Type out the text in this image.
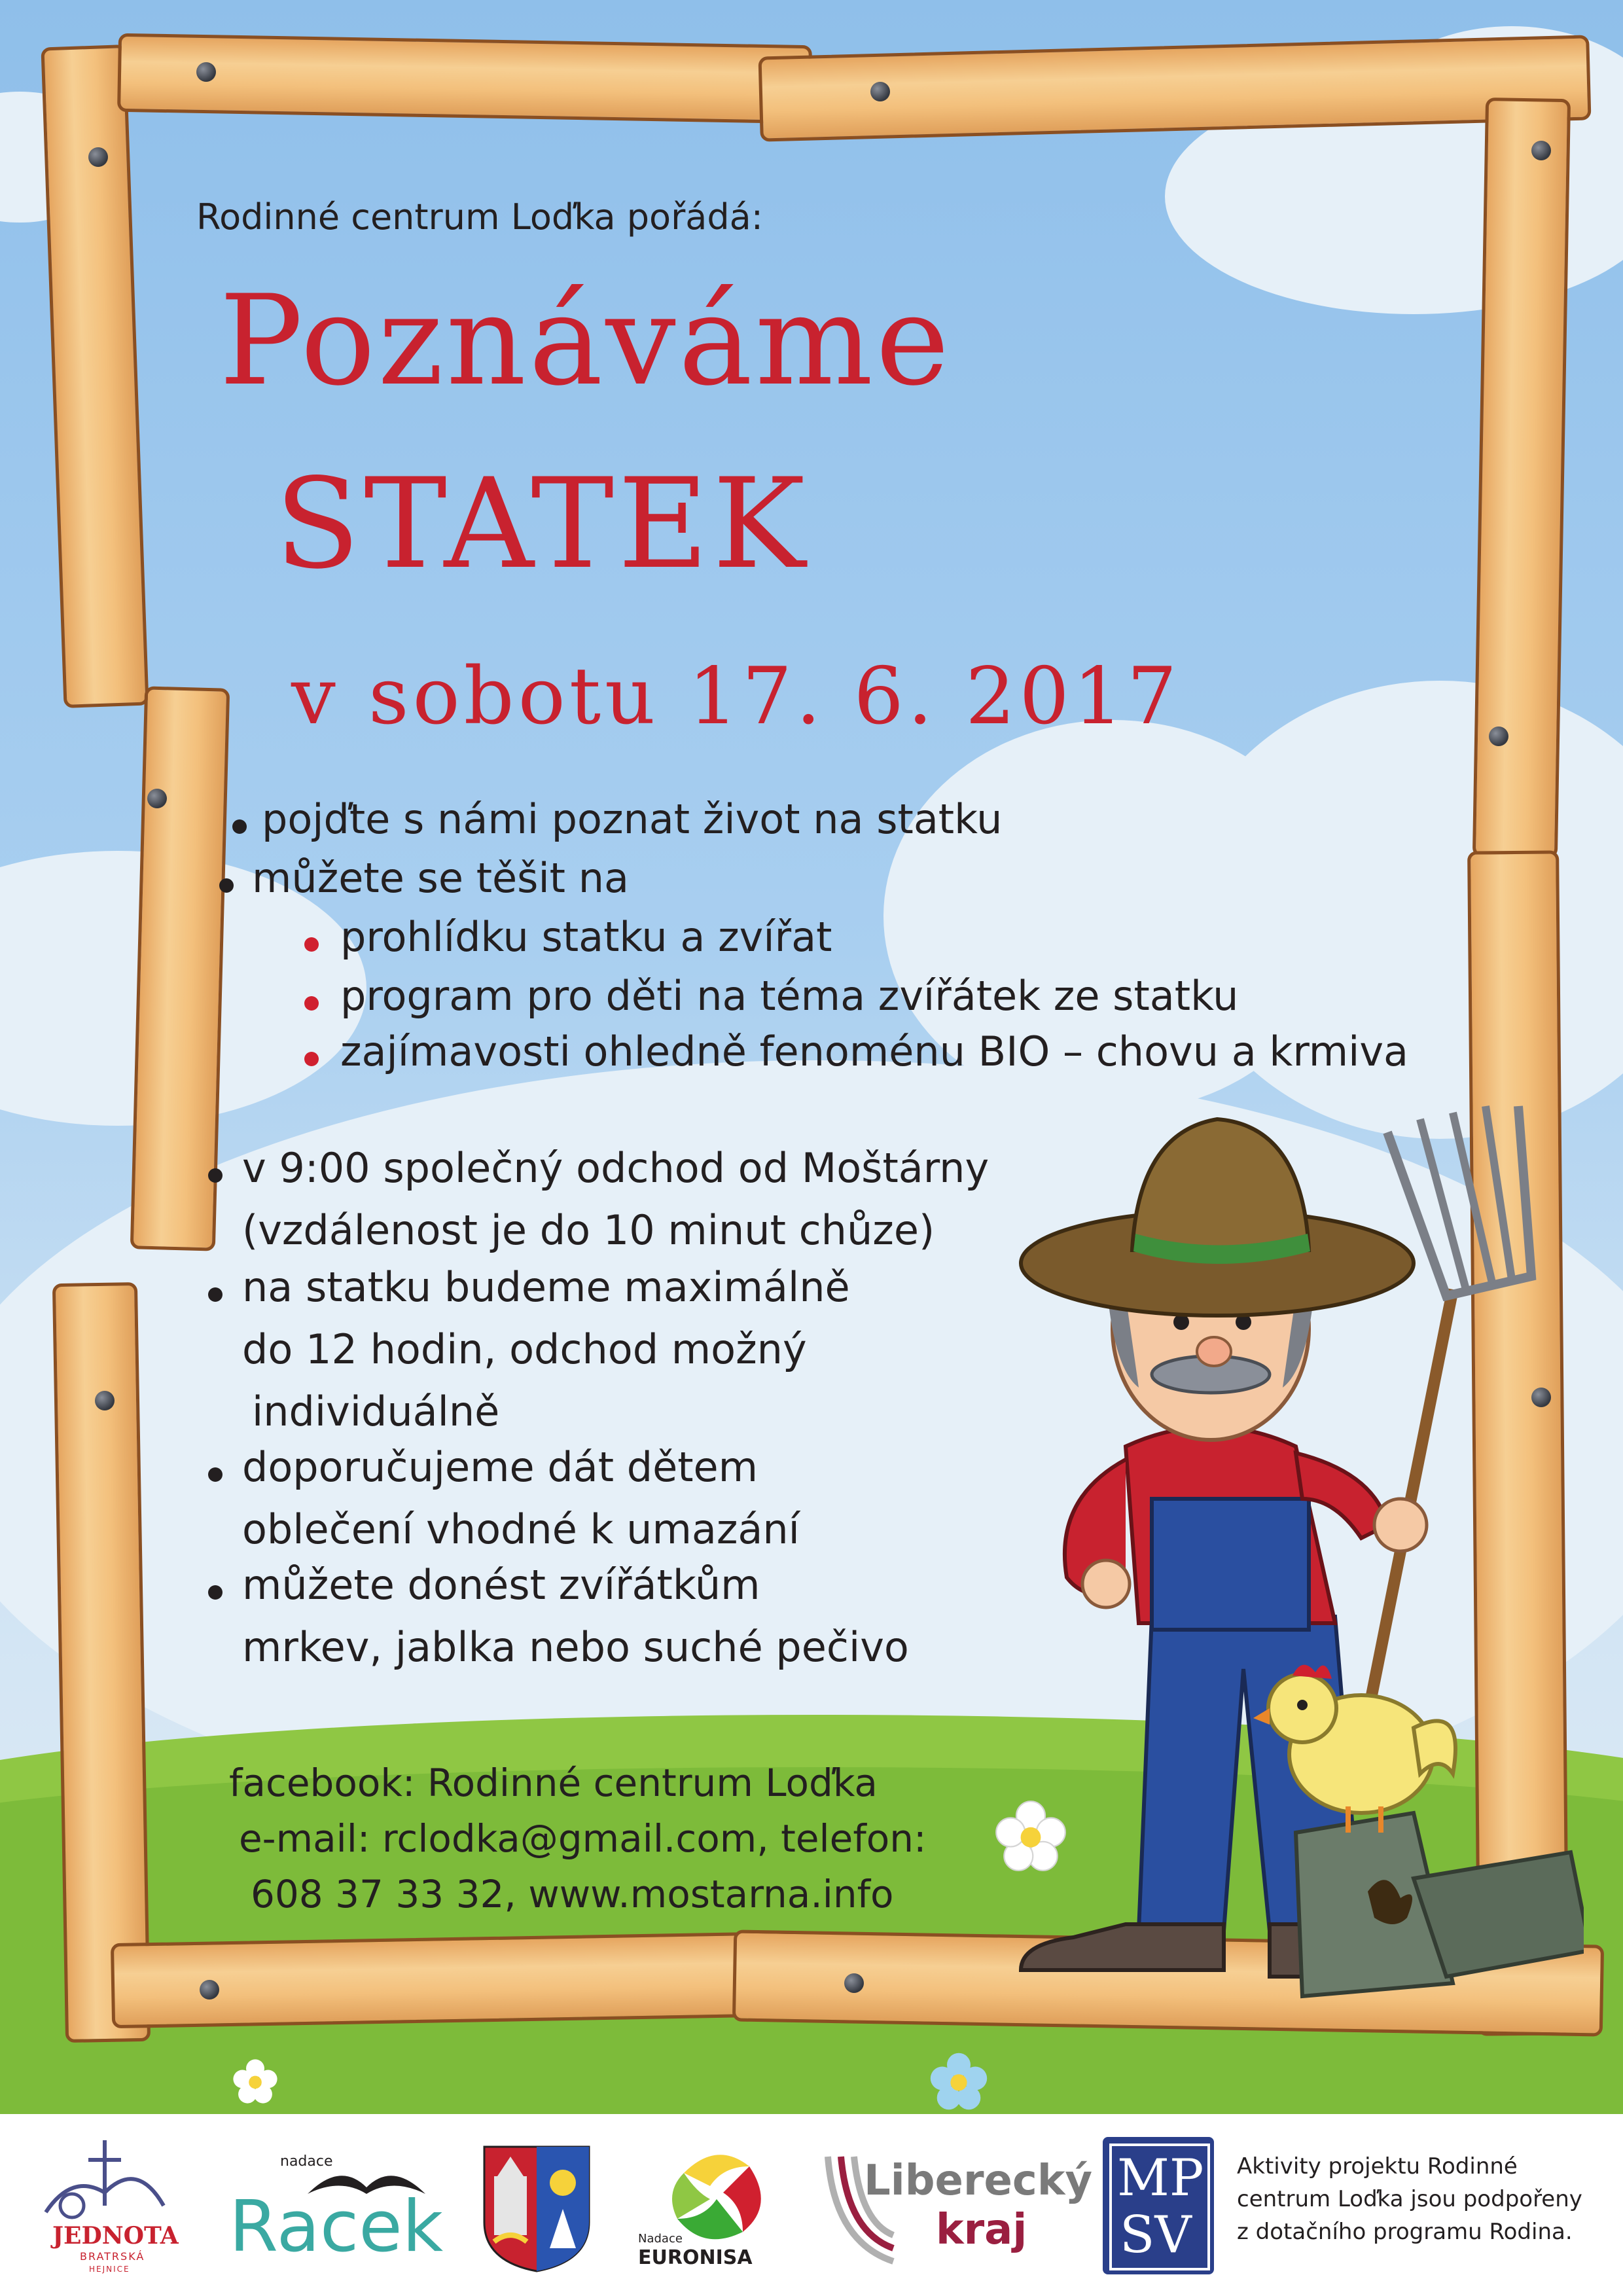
Rodinné centrum Loďka pořádá:
Poznáváme
STATEK
v sobotu 17. 6. 2017
pojďte s námi poznat život na statku
můžete se těšit na
prohlídku statku a zvířat
program pro děti na téma zvířátek ze statku
zajímavosti ohledně fenoménu BIO – chovu a krmiva
v 9:00 společný odchod od Moštárny
(vzdálenost je do 10 minut chůze)
na statku budeme maximálně
do 12 hodin, odchod možný
individuálně
doporučujeme dát dětem
oblečení vhodné k umazání
můžete donést zvířátkům
mrkev, jablka nebo suché pečivo
facebook: Rodinné centrum Loďka
e-mail: rclodka@gmail.com, telefon:
608 37 33 32, www.mostarna.info
JEDNOTA
BRATRSKÁ
HEJNICE
nadace
Racek	Nadace
EURONISA
Liberecký
kraj
MP
SV
Aktivity projektu Rodinné
centrum Loďka jsou podpořeny
z dotačního programu Rodina.
